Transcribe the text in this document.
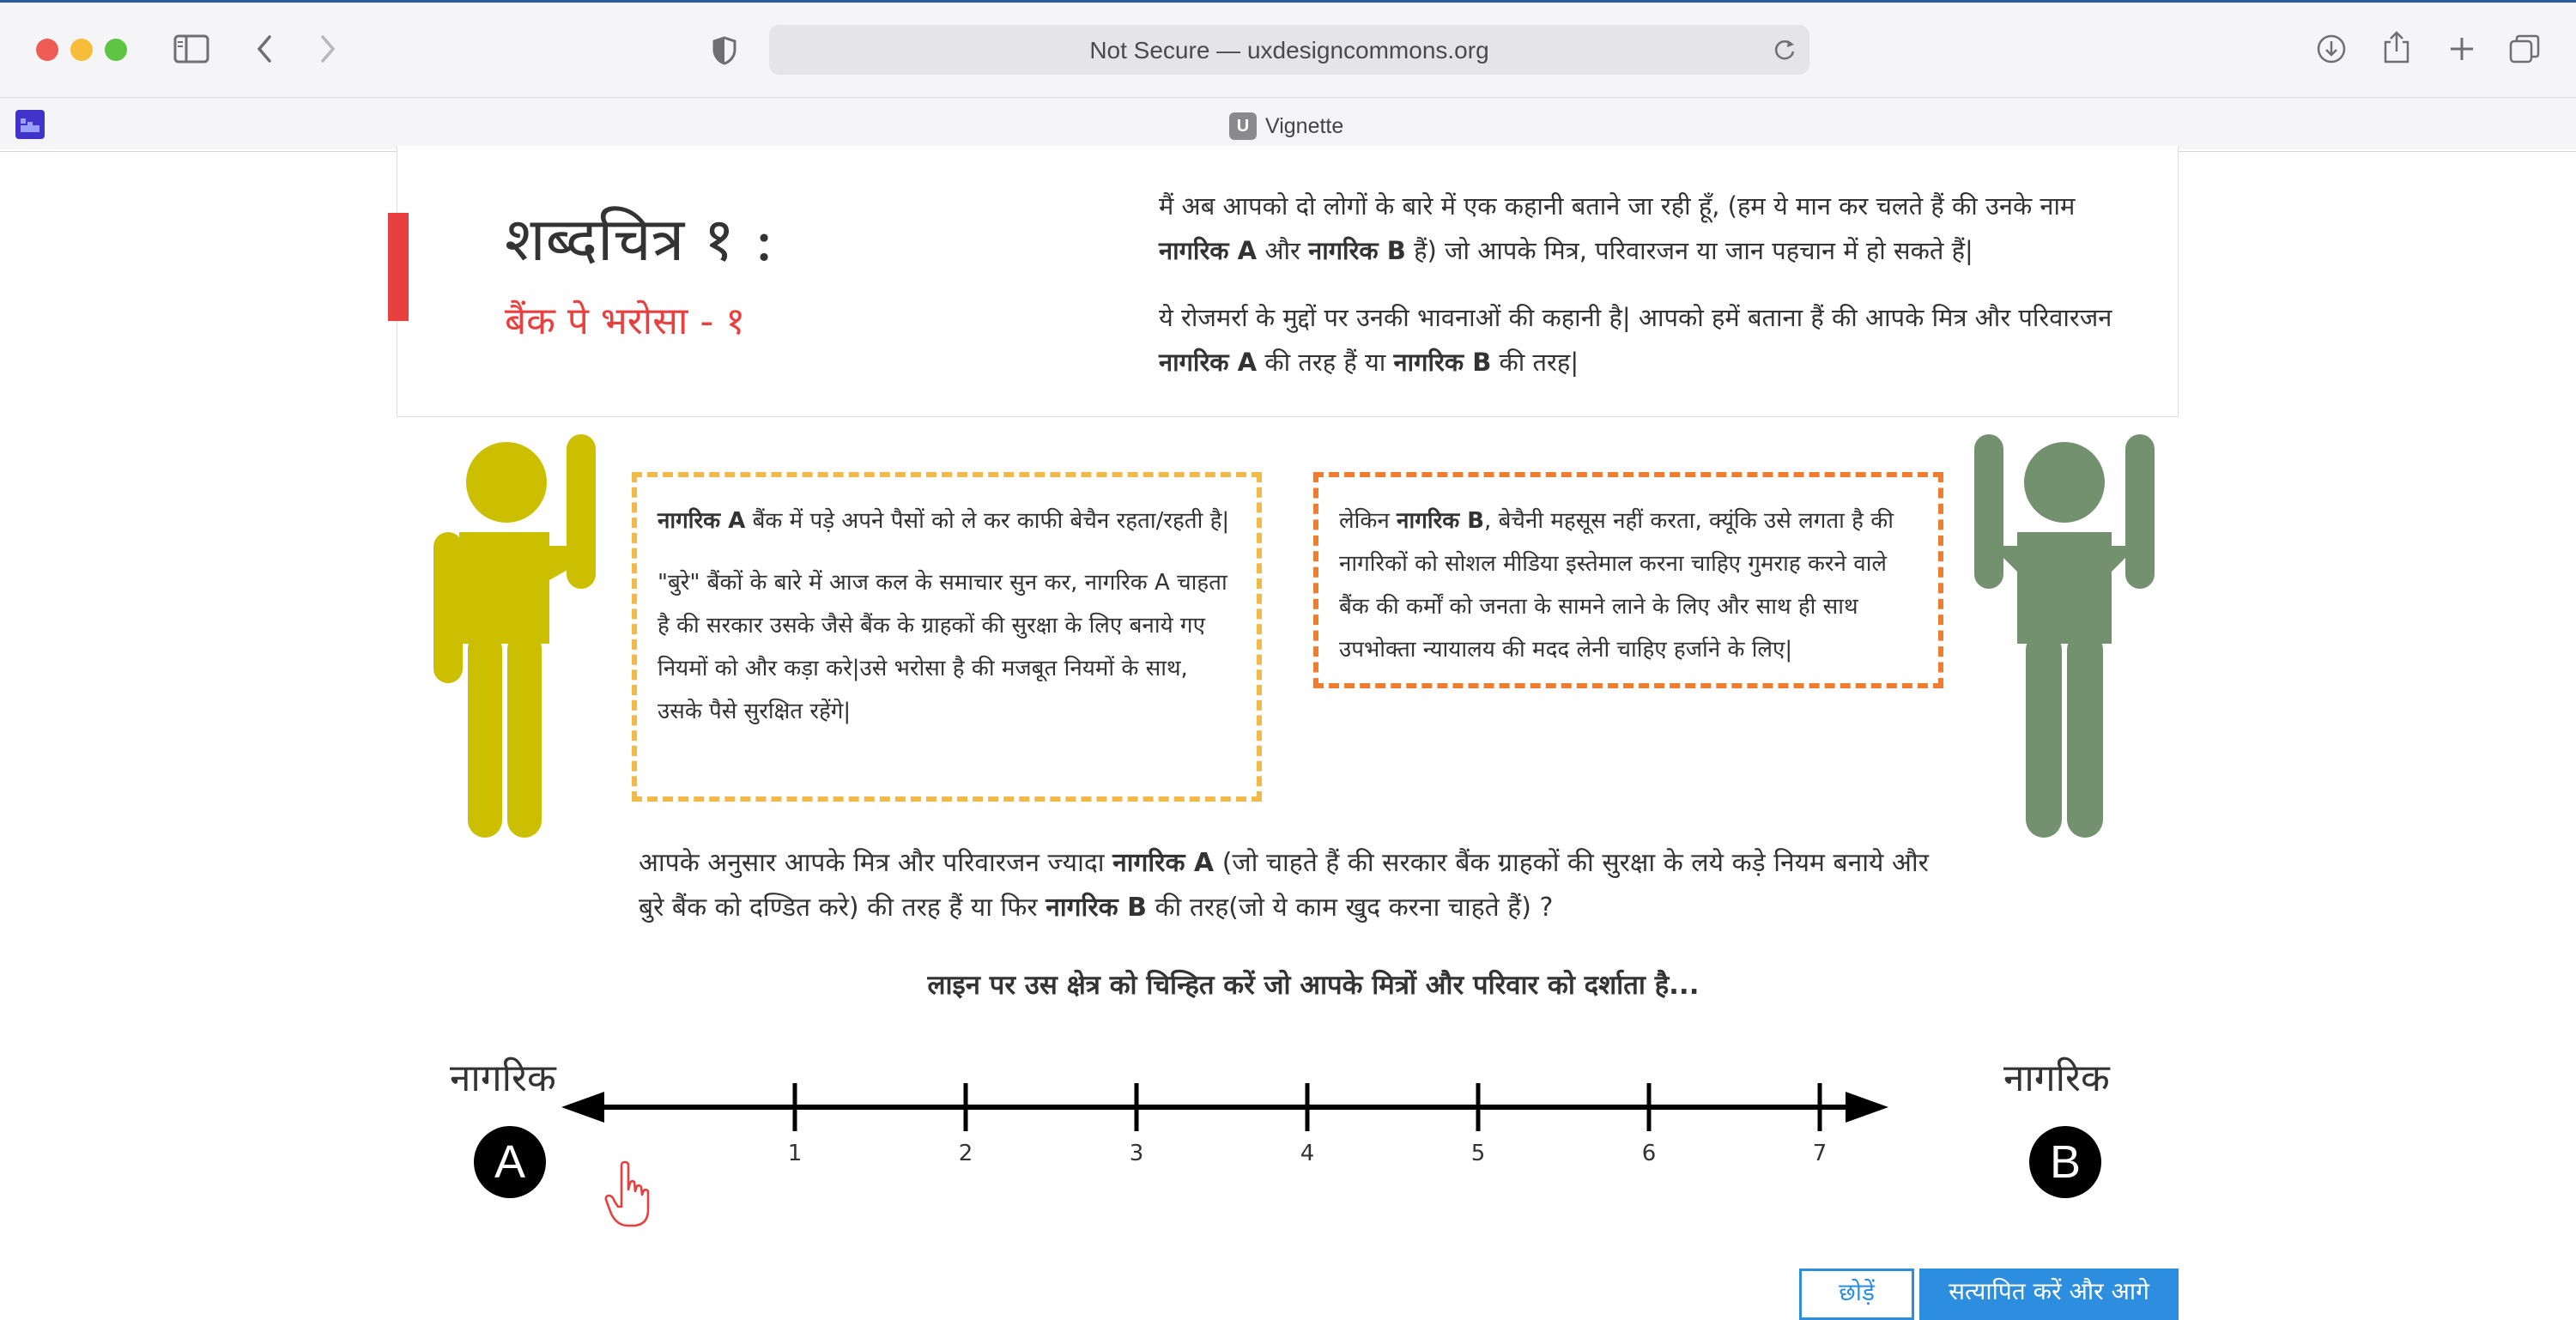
Not Secure — uxdesigncommons.org
U Vignette
शब्दचित्र १ :
बैंक पे भरोसा - १

मैं अब आपको दो लोगों के बारे में एक कहानी बताने जा रही हूँ, (हम ये मान कर चलते हैं की उनके नाम नागरिक A और नागरिक B हैं) जो आपके मित्र, परिवारजन या जान पहचान में हो सकते हैं|

ये रोजमर्रा के मुद्दों पर उनकी भावनाओं की कहानी है| आपको हमें बताना हैं की आपके मित्र और परिवारजन नागरिक A की तरह हैं या नागरिक B की तरह|

नागरिक A बैंक में पड़े अपने पैसों को ले कर काफी बेचैन रहता/रहती है|

"बुरे" बैंकों के बारे में आज कल के समाचार सुन कर, नागरिक A चाहता है की सरकार उसके जैसे बैंक के ग्राहकों की सुरक्षा के लिए बनाये गए नियमों को और कड़ा करे|उसे भरोसा है की मजबूत नियमों के साथ, उसके पैसे सुरक्षित रहेंगे|

लेकिन नागरिक B, बेचैनी महसूस नहीं करता, क्यूंकि उसे लगता है की नागरिकों को सोशल मीडिया इस्तेमाल करना चाहिए गुमराह करने वाले बैंक की कर्मों को जनता के सामने लाने के लिए और साथ ही साथ उपभोक्ता न्यायालय की मदद लेनी चाहिए हर्जाने के लिए|
आपके अनुसार आपके मित्र और परिवारजन ज्यादा नागरिक A (जो चाहते हैं की सरकार बैंक ग्राहकों की सुरक्षा के लये कड़े नियम बनाये और बुरे बैंक को दण्डित करे) की तरह हैं या फिर नागरिक B की तरह(जो ये काम खुद करना चाहते हैं) ?
लाइन पर उस क्षेत्र को चिन्हित करें जो आपके मित्रों और परिवार को दर्शाता है...
नागरिक	नागरिक
A	B
1	2	3	4	5	6	7
छोड़ें	सत्यापित करें और आगे
